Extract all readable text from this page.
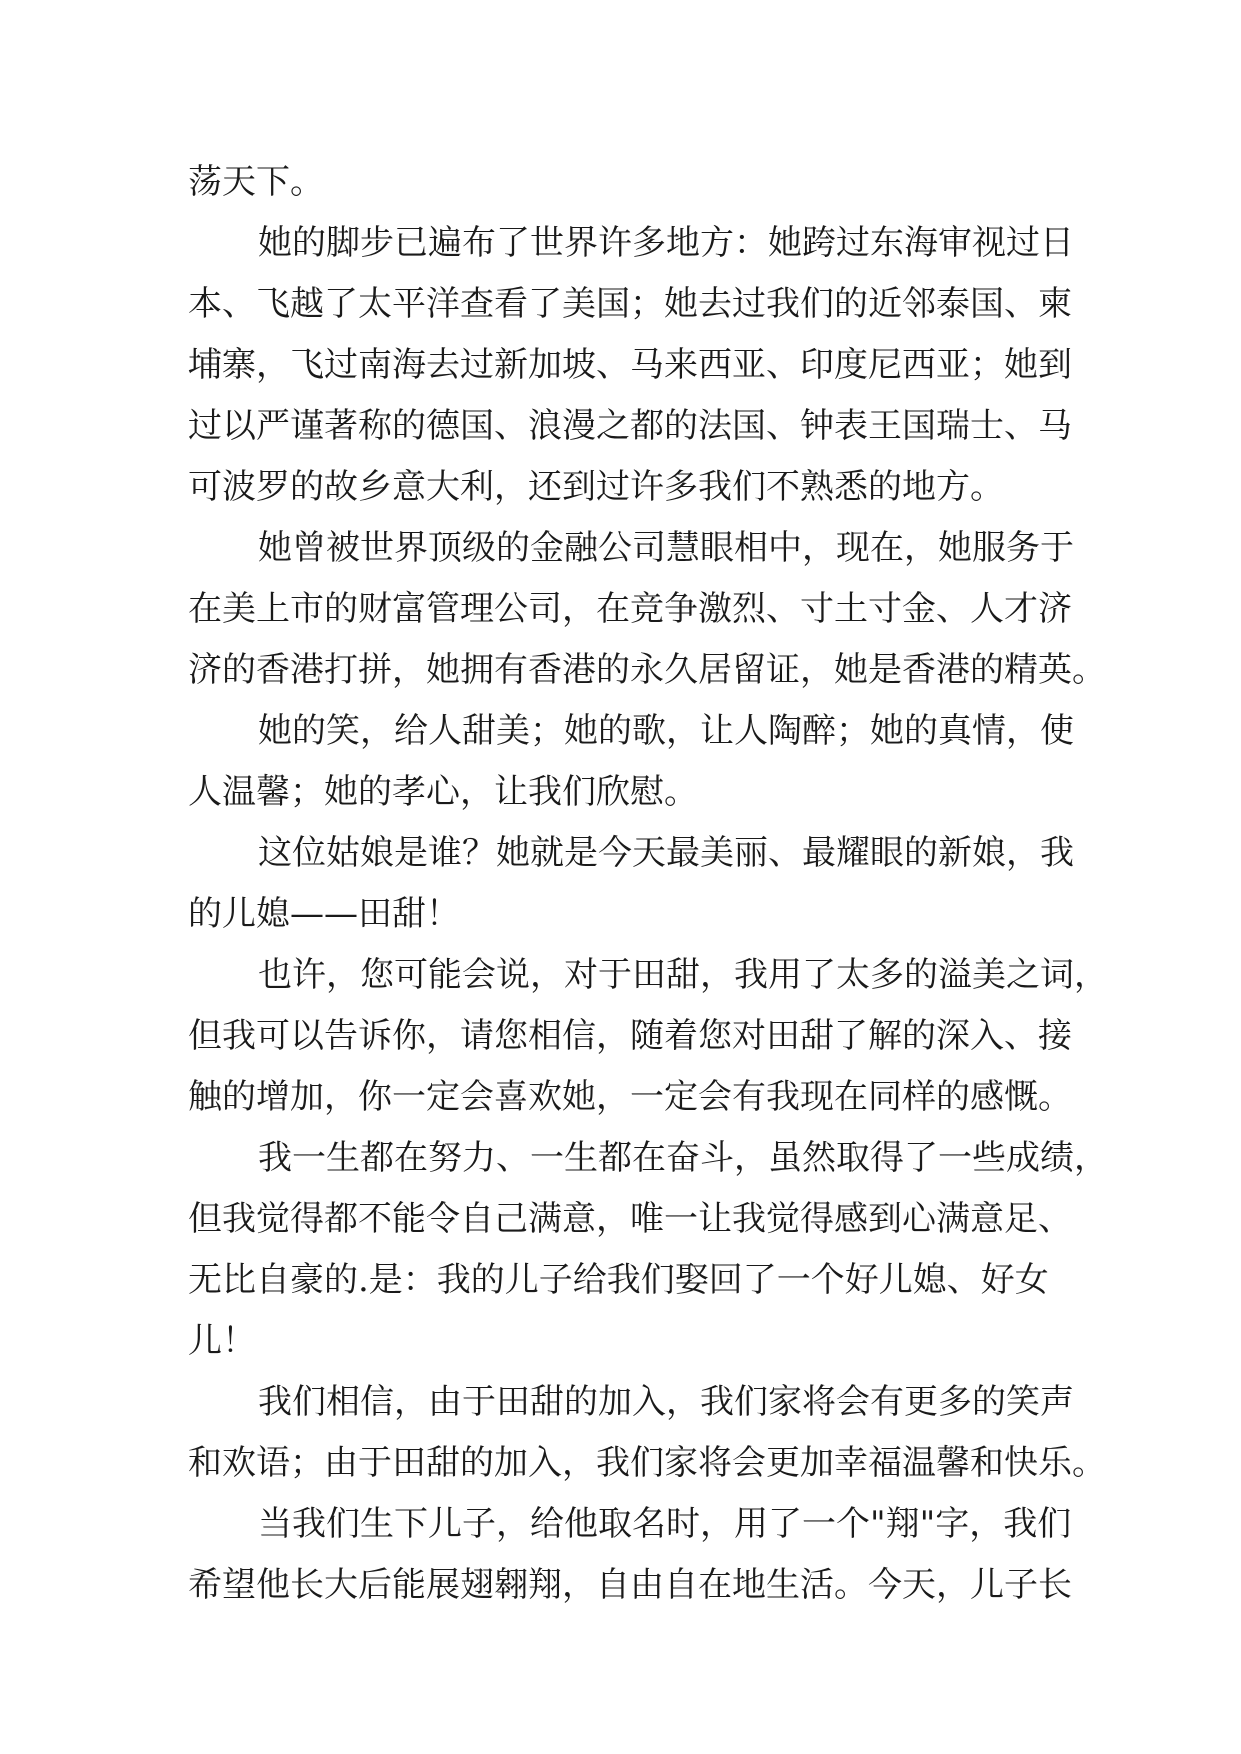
荡天下。
她的脚步已遍布了世界许多地方：她跨过东海审视过日
本、飞越了太平洋查看了美国；她去过我们的近邻泰国、柬
埔寨，飞过南海去过新加坡、马来西亚、印度尼西亚；她到
过以严谨著称的德国、浪漫之都的法国、钟表王国瑞士、马
可波罗的故乡意大利，还到过许多我们不熟悉的地方。
她曾被世界顶级的金融公司慧眼相中，现在，她服务于
在美上市的财富管理公司，在竞争激烈、寸土寸金、人才济
济的香港打拼，她拥有香港的永久居留证，她是香港的精英。
她的笑，给人甜美；她的歌，让人陶醉；她的真情，使
人温馨；她的孝心，让我们欣慰。
这位姑娘是谁？她就是今天最美丽、最耀眼的新娘，我
的儿媳——田甜！
也许，您可能会说，对于田甜，我用了太多的溢美之词，
但我可以告诉你，请您相信，随着您对田甜了解的深入、接
触的增加，你一定会喜欢她，一定会有我现在同样的感慨。
我一生都在努力、一生都在奋斗，虽然取得了一些成绩，
但我觉得都不能令自己满意，唯一让我觉得感到心满意足、
无比自豪的.是：我的儿子给我们娶回了一个好儿媳、好女
儿！
我们相信，由于田甜的加入，我们家将会有更多的笑声
和欢语；由于田甜的加入，我们家将会更加幸福温馨和快乐。
当我们生下儿子，给他取名时，用了一个"翔"字，我们
希望他长大后能展翅翱翔，自由自在地生活。今天，儿子长
